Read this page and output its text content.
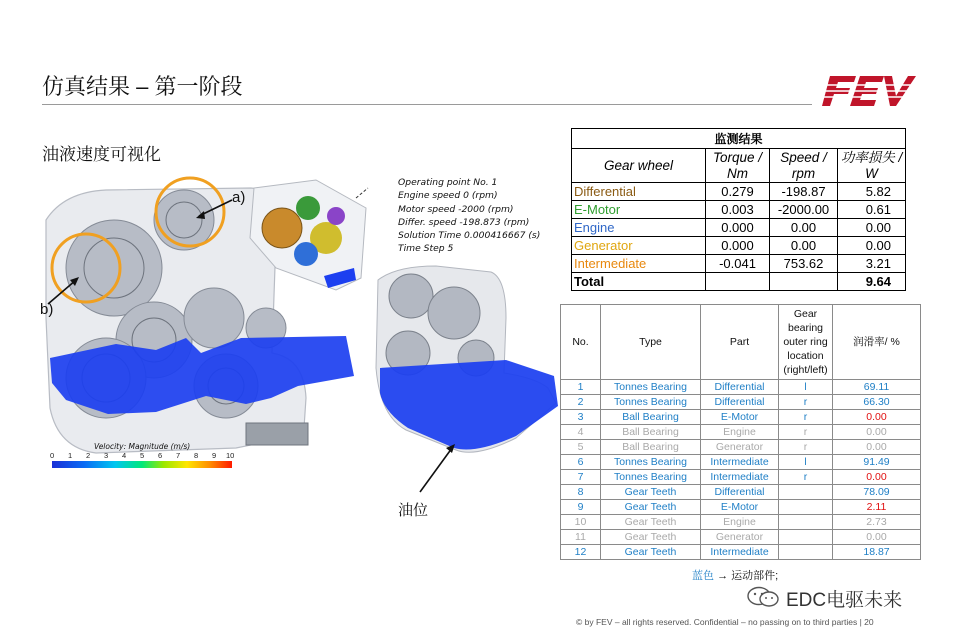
仿真结果 – 第一阶段
油液速度可视化
a)
b)
油位
Operating point No. 1
Engine speed 0 (rpm)
Motor speed -2000 (rpm)
Differ. speed -198.873 (rpm)
Solution Time 0.000416667 (s)
Time Step 5
Velocity: Magnitude (m/s)
0 1 2 3 4 5 6 7 8 9 10
监测结果			
Gear wheel	Torque / Nm	Speed / rpm	功率损失 / W
Differential	0.279	-198.87	5.82
E-Motor	0.003	-2000.00	0.61
Engine	0.000	0.00	0.00
Generator	0.000	0.00	0.00
Intermediate	-0.041	753.62	3.21
Total			9.64
No.	Type	Part	Gear bearing outer ring location (right/left)	润滑率/ %
1	Tonnes Bearing	Differential	l	69.11
2	Tonnes Bearing	Differential	r	66.30
3	Ball Bearing	E-Motor	r	0.00
4	Ball Bearing	Engine	r	0.00
5	Ball Bearing	Generator	r	0.00
6	Tonnes Bearing	Intermediate	l	91.49
7	Tonnes Bearing	Intermediate	r	0.00
8	Gear Teeth	Differential		78.09
9	Gear Teeth	E-Motor		2.11
10	Gear Teeth	Engine		2.73
11	Gear Teeth	Generator		0.00
12	Gear Teeth	Intermediate		18.87
蓝色 → 运动部件;
EDC电驱未来
© by FEV – all rights reserved. Confidential – no passing on to third parties | 20
